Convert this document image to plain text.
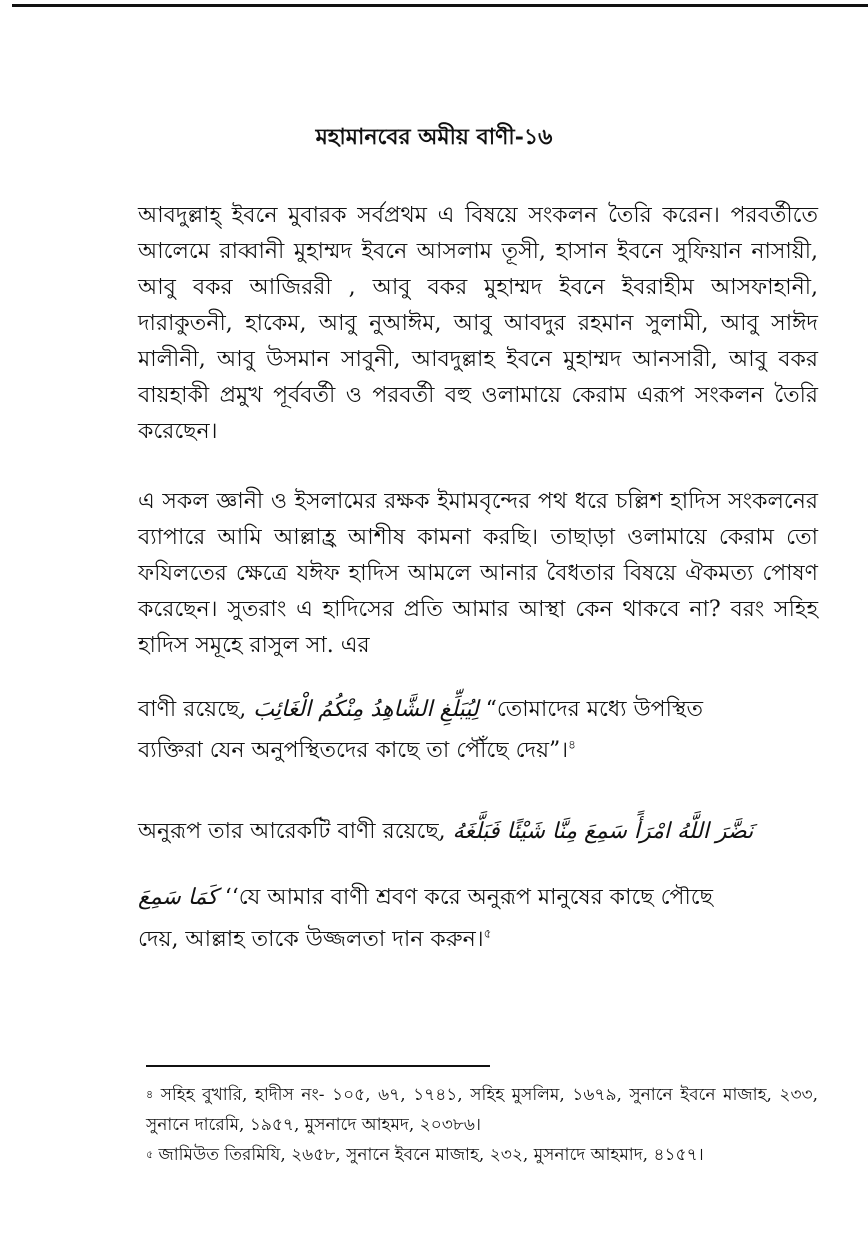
মহামানবের অমীয় বাণী-১৬

আবদুল্লাহ্ ইবনে মুবারক সর্বপ্রথম এ বিষয়ে সংকলন তৈরি করেন। পরবর্তীতে আলেমে রাব্বানী মুহাম্মদ ইবনে আসলাম তূসী, হাসান ইবনে সুফিয়ান নাসায়ী, আবু বকর আজিররী , আবু বকর মুহাম্মদ ইবনে ইবরাহীম আসফাহানী, দারাকুতনী, হাকেম, আবু নুআঈম, আবু আবদুর রহমান সুলামী, আবু সাঈদ মালীনী, আবু উসমান সাবুনী, আবদুল্লাহ ইবনে মুহাম্মদ আনসারী, আবু বকর বায়হাকী প্রমুখ পূর্ববর্তী ও পরবর্তী বহু ওলামায়ে কেরাম এরূপ সংকলন তৈরি করেছেন।

এ সকল জ্ঞানী ও ইসলামের রক্ষক ইমামবৃন্দের পথ ধরে চল্লিশ হাদিস সংকলনের ব্যাপারে আমি আল্লাহ্র আশীষ কামনা করছি। তাছাড়া ওলামায়ে কেরাম তো ফযিলতের ক্ষেত্রে যঈফ হাদিস আমলে আনার বৈধতার বিষয়ে ঐকমত্য পোষণ করেছেন। সুতরাং এ হাদিসের প্রতি আমার আস্থা কেন থাকবে না? বরং সহিহ হাদিস সমূহে রাসুল সা. এর

বাণী রয়েছে, لِيُبَلِّغِ الشَّاهِدُ مِنْكُمُ الْغَائِبَ “তোমাদের মধ্যে উপস্থিত
ব্যক্তিরা যেন অনুপস্থিতদের কাছে তা পৌঁছে দেয়”।$^৪$
অনুরূপ তার আরেকটি বাণী রয়েছে, نَضَّرَ اللَّهُ امْرَأً سَمِعَ مِنَّا شَيْئًا فَبَلَّغَهُ
كَمَا سَمِعَ ‘‘যে আমার বাণী শ্রবণ করে অনুরূপ মানুষের কাছে পৌছে
দেয়, আল্লাহ তাকে উজ্জলতা দান করুন।$^৫$

$^৪$ সহিহ বুখারি, হাদীস নং- ১০৫, ৬৭, ১৭৪১, সহিহ মুসলিম, ১৬৭৯, সুনানে ইবনে মাজাহ, ২৩৩, সুনানে দারেমি, ১৯৫৭, মুসনাদে আহমদ, ২০৩৮৬।

$^৫$ জামিউত তিরমিযি, ২৬৫৮, সুনানে ইবনে মাজাহ, ২৩২, মুসনাদে আহমাদ, ৪১৫৭।
